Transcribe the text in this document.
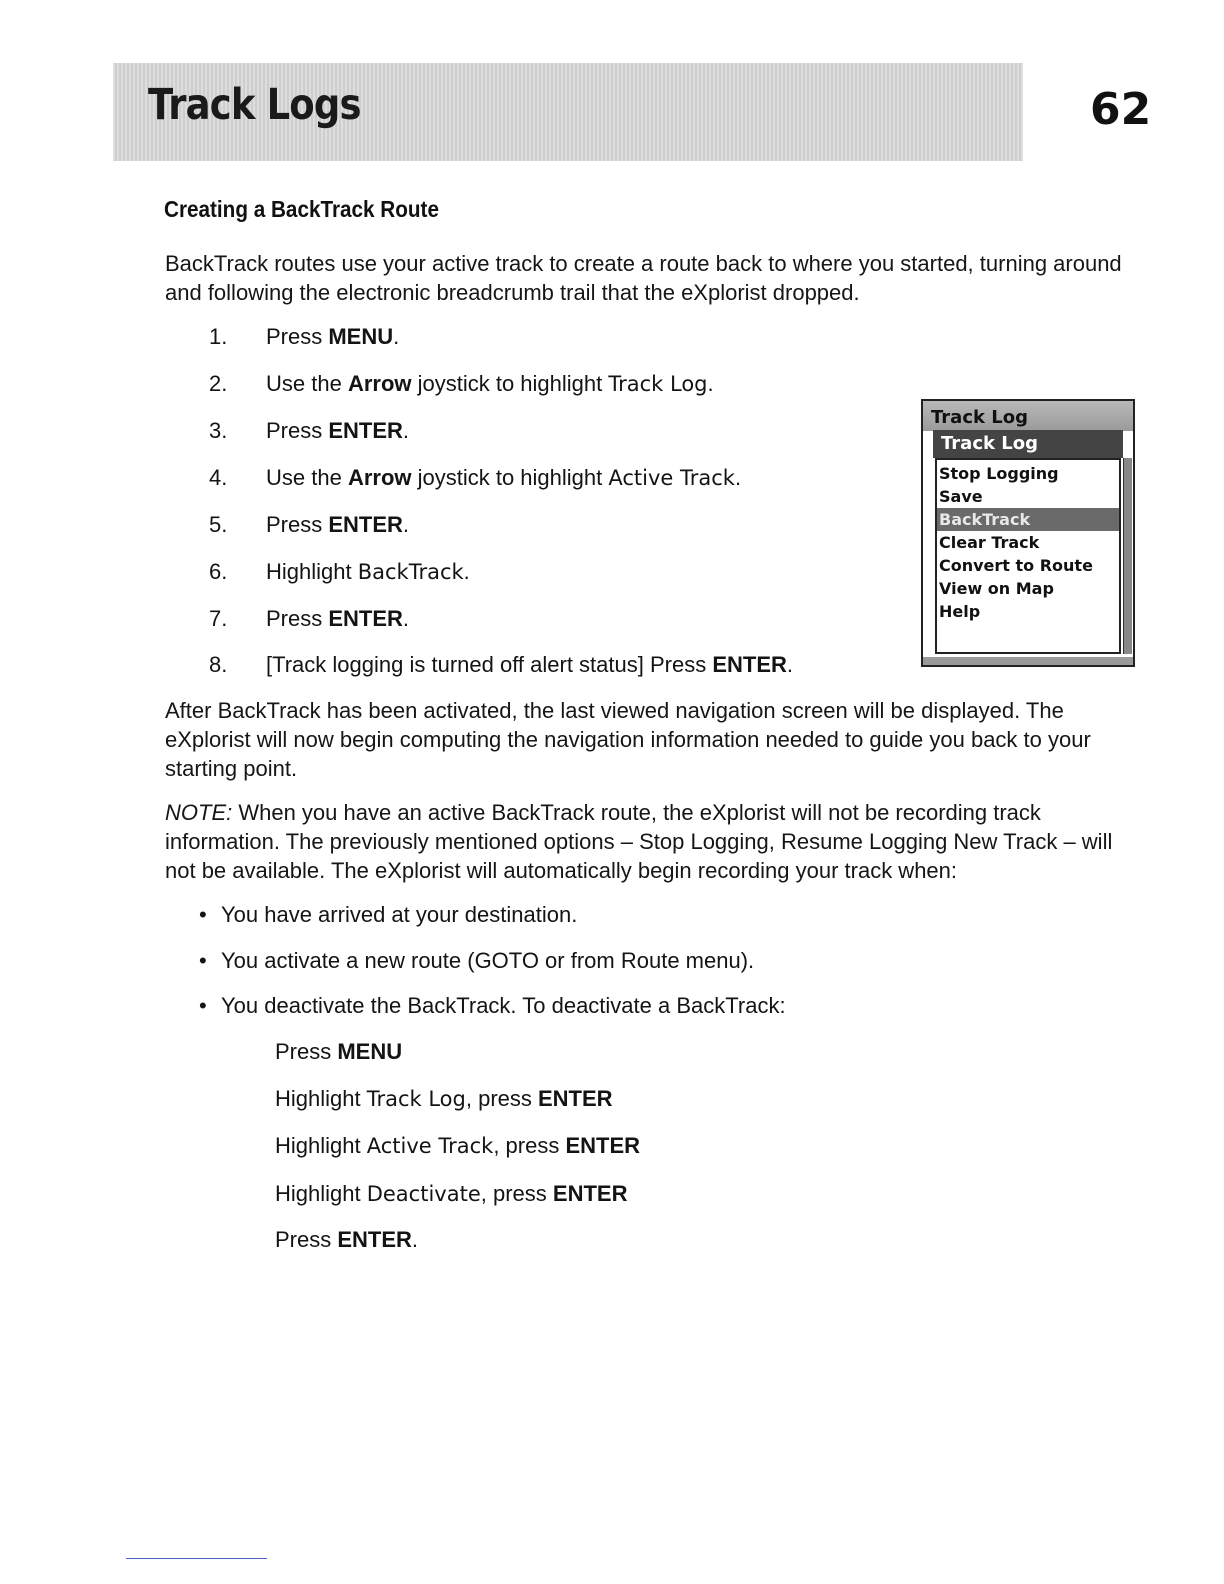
Track Logs	62
Creating a BackTrack Route

BackTrack routes use your active track to create a route back to where you started, turning around and following the electronic breadcrumb trail that the eXplorist dropped.

1. Press MENU.
2. Use the Arrow joystick to highlight Track Log.
3. Press ENTER.
4. Use the Arrow joystick to highlight Active Track.
5. Press ENTER.
6. Highlight BackTrack.
7. Press ENTER.
8. [Track logging is turned off alert status] Press ENTER.
Track Log
Track Log
Stop Logging
Save
BackTrack
Clear Track
Convert to Route
View on Map
Help

After BackTrack has been activated, the last viewed navigation screen will be displayed. The eXplorist will now begin computing the navigation information needed to guide you back to your starting point.

NOTE: When you have an active BackTrack route, the eXplorist will not be recording track information. The previously mentioned options – Stop Logging, Resume Logging New Track – will not be available. The eXplorist will automatically begin recording your track when:

• You have arrived at your destination.
• You activate a new route (GOTO or from Route menu).
• You deactivate the BackTrack. To deactivate a BackTrack:
Press MENU
Highlight Track Log, press ENTER
Highlight Active Track, press ENTER
Highlight Deactivate, press ENTER
Press ENTER.
